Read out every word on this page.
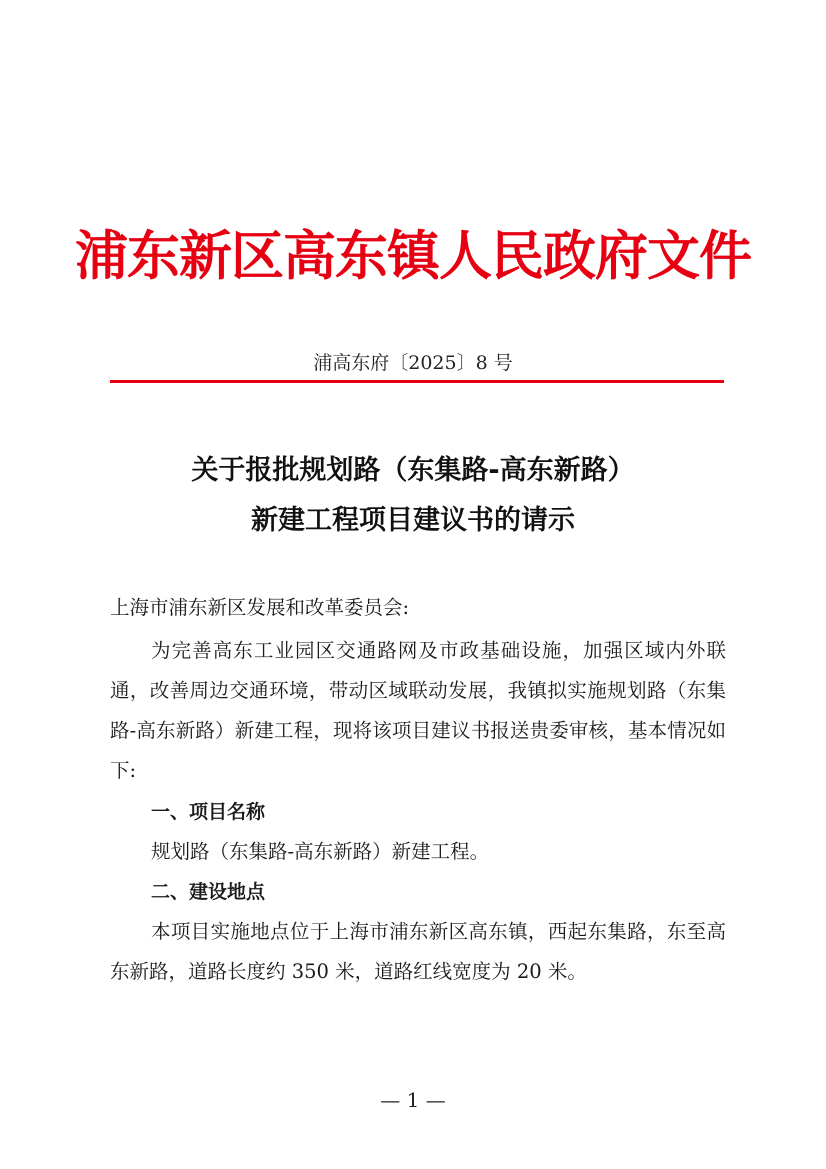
浦东新区高东镇人民政府文件
浦高东府〔2025〕8 号
关于报批规划路（东集路-高东新路）
新建工程项目建议书的请示
上海市浦东新区发展和改革委员会:
为完善高东工业园区交通路网及市政基础设施，加强区域内外联通，改善周边交通环境，带动区域联动发展，我镇拟实施规划路（东集路-高东新路）新建工程，现将该项目建议书报送贵委审核，基本情况如下:
一、项目名称
规划路（东集路-高东新路）新建工程。
二、建设地点
本项目实施地点位于上海市浦东新区高东镇，西起东集路，东至高东新路，道路长度约 350 米，道路红线宽度为 20 米。
— 1 —
